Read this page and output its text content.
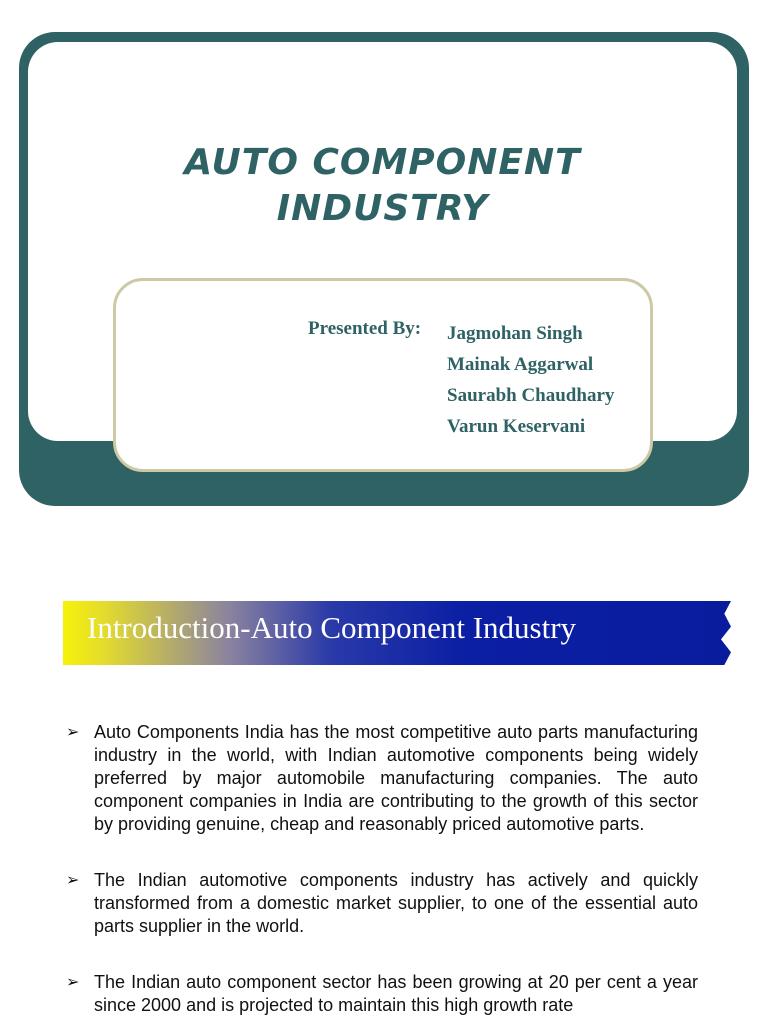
AUTO COMPONENT
INDUSTRY
Presented By: Jagmohan Singh
Mainak Aggarwal
Saurabh Chaudhary
Varun Keservani
Introduction-Auto Component Industry
➢ Auto Components India has the most competitive auto parts manufacturing industry in the world, with Indian automotive components being widely preferred by major automobile manufacturing companies. The auto component companies in India are contributing to the growth of this sector by providing genuine, cheap and reasonably priced automotive parts.
➢ The Indian automotive components industry has actively and quickly transformed from a domestic market supplier, to one of the essential auto parts supplier in the world.
➢ The Indian auto component sector has been growing at 20 per cent a year since 2000 and is projected to maintain this high growth rate
